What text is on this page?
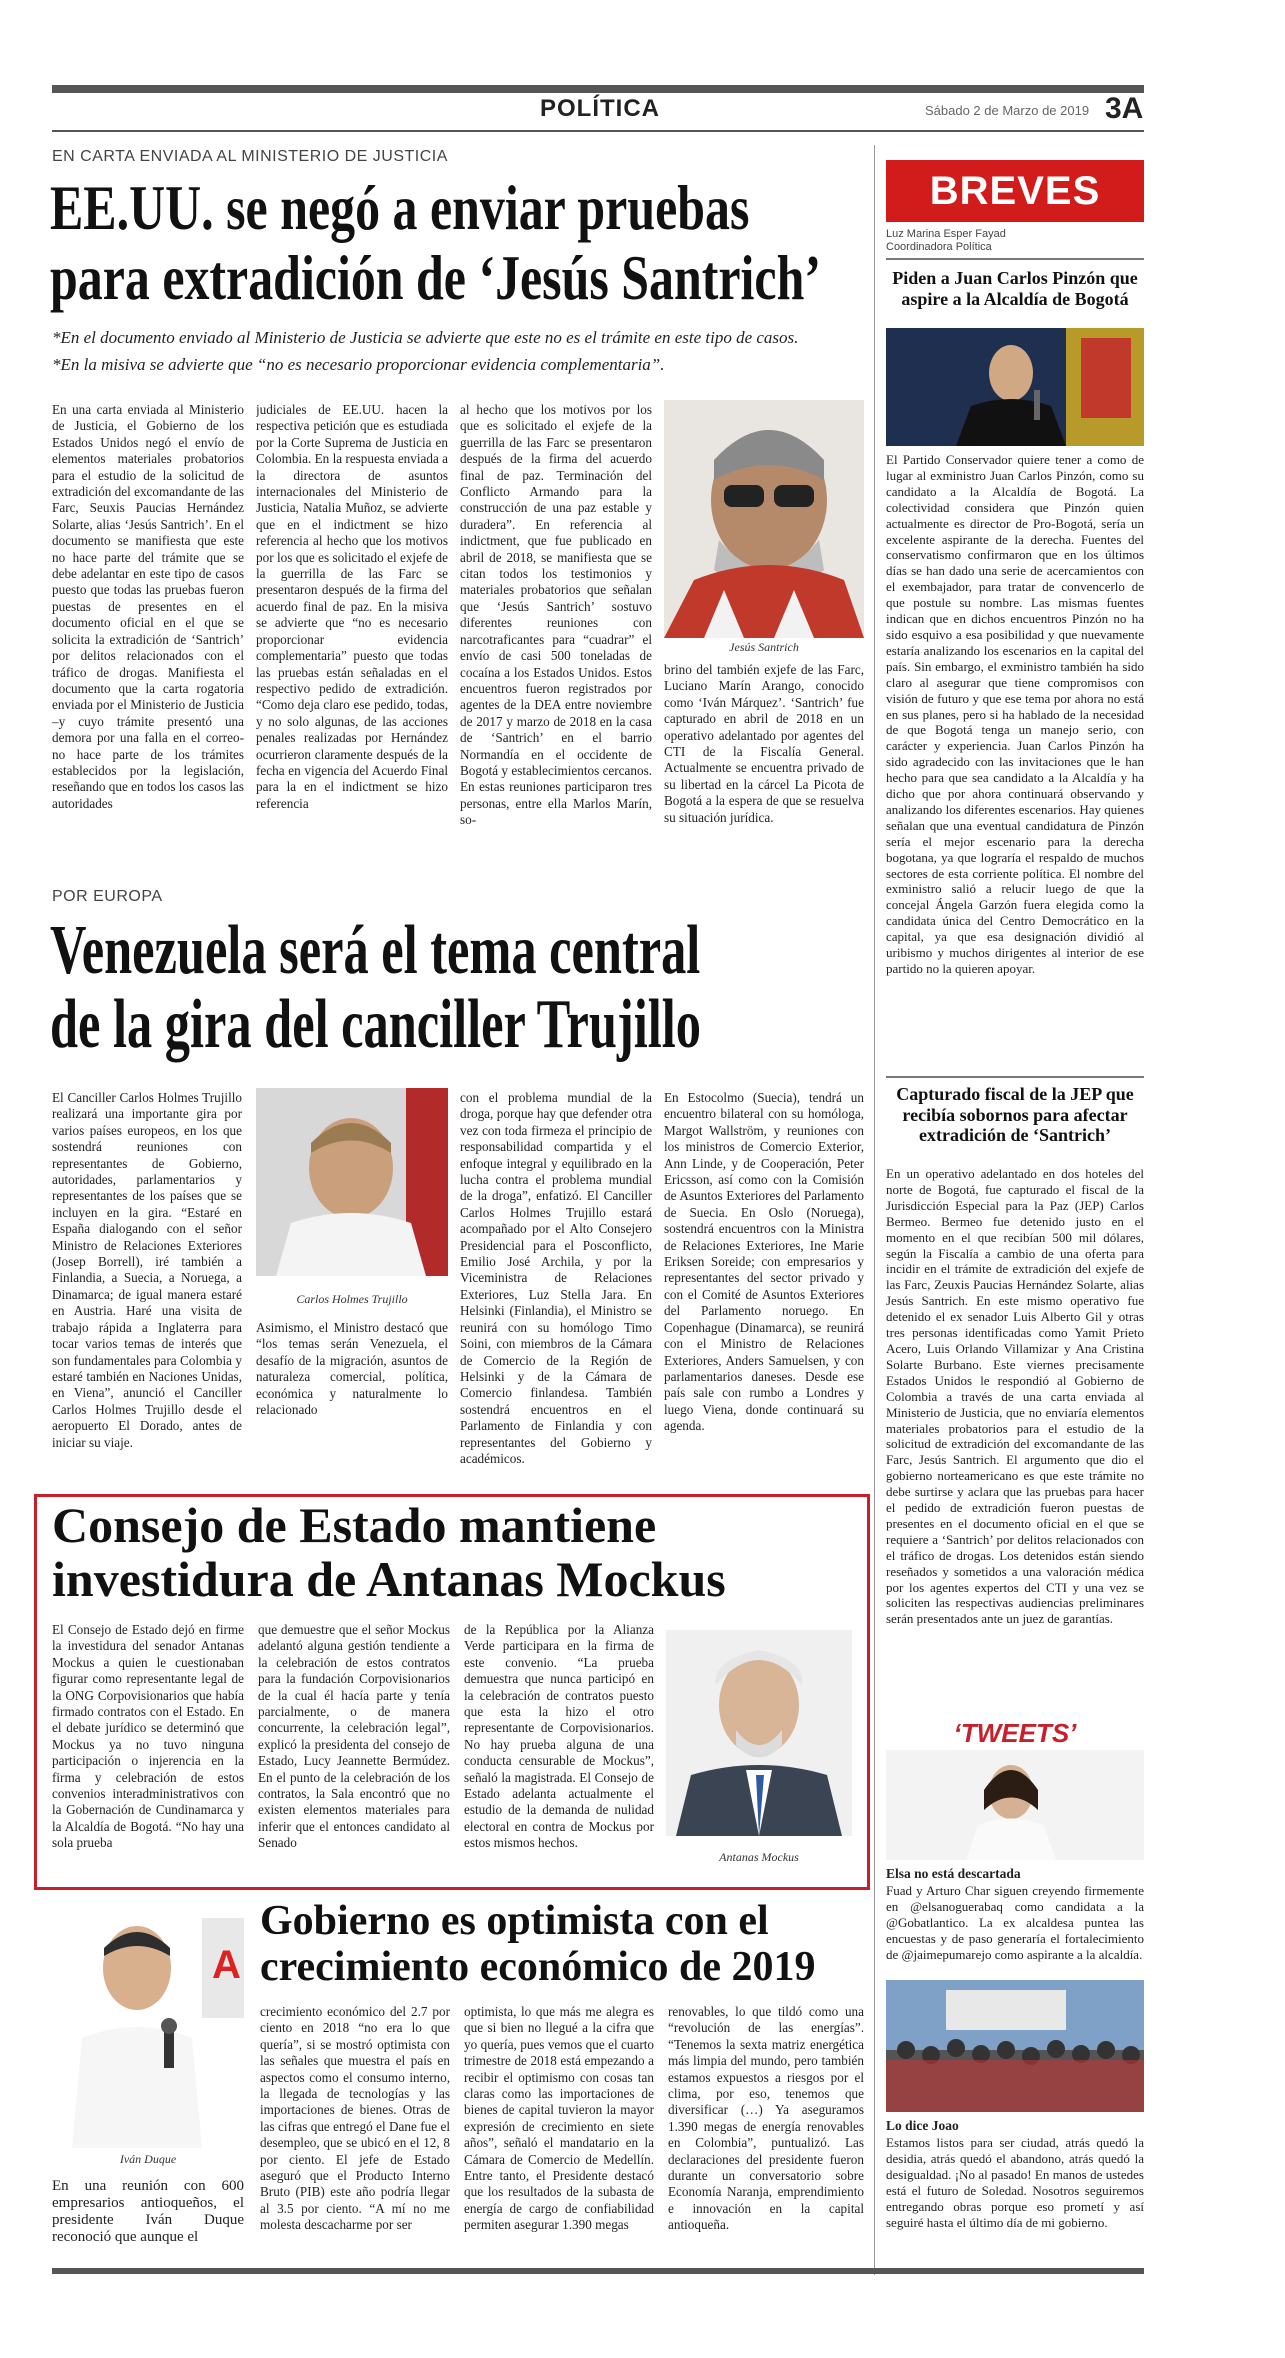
POLÍTICA	Sábado 2 de Marzo de 2019 3A
EN CARTA ENVIADA AL MINISTERIO DE JUSTICIA
EE.UU. se negó a enviar pruebas
para extradición de ‘Jesús Santrich’
*En el documento enviado al Ministerio de Justicia se advierte que este no es el trámite en este tipo de casos.
*En la misiva se advierte que “no es necesario proporcionar evidencia complementaria”.
En una carta enviada al Ministerio de Justicia, el Gobierno de los Estados Unidos negó el envío de elementos materiales probatorios para el estudio de la solicitud de extradición del excomandante de las Farc, Seuxis Paucias Hernández Solarte, alias ‘Jesús Santrich’. En el documento se manifiesta que este no hace parte del trámite que se debe adelantar en este tipo de casos puesto que todas las pruebas fueron puestas de presentes en el documento oficial en el que se solicita la extradición de ‘Santrich’ por delitos relacionados con el tráfico de drogas. Manifiesta el documento que la carta rogatoria enviada por el Ministerio de Justicia –y cuyo trámite presentó una demora por una falla en el correo- no hace parte de los trámites establecidos por la legislación, reseñando que en todos los casos las autoridades
judiciales de EE.UU. hacen la respectiva petición que es estudiada por la Corte Suprema de Justicia en Colombia. En la respuesta enviada a la directora de asuntos internacionales del Ministerio de Justicia, Natalia Muñoz, se advierte que en el indictment se hizo referencia al hecho que los motivos por los que es solicitado el exjefe de la guerrilla de las Farc se presentaron después de la firma del acuerdo final de paz. En la misiva se advierte que “no es necesario proporcionar evidencia complementaria” puesto que todas las pruebas están señaladas en el respectivo pedido de extradición. “Como deja claro ese pedido, todas, y no solo algunas, de las acciones penales realizadas por Hernández ocurrieron claramente después de la fecha en vigencia del Acuerdo Final para la en el indictment se hizo referencia
al hecho que los motivos por los que es solicitado el exjefe de la guerrilla de las Farc se presentaron después de la firma del acuerdo final de paz. Terminación del Conflicto Armando para la construcción de una paz estable y duradera”. En referencia al indictment, que fue publicado en abril de 2018, se manifiesta que se citan todos los testimonios y materiales probatorios que señalan que ‘Jesús Santrich’ sostuvo diferentes reuniones con narcotraficantes para “cuadrar” el envío de casi 500 toneladas de cocaína a los Estados Unidos. Estos encuentros fueron registrados por agentes de la DEA entre noviembre de 2017 y marzo de 2018 en la casa de ‘Santrich’ en el barrio Normandía en el occidente de Bogotá y establecimientos cercanos. En estas reuniones participaron tres personas, entre ella Marlos Marín, so-
Jesús Santrich
brino del también exjefe de las Farc, Luciano Marín Arango, conocido como ‘Iván Márquez’. ‘Santrich’ fue capturado en abril de 2018 en un operativo adelantado por agentes del CTI de la Fiscalía General. Actualmente se encuentra privado de su libertad en la cárcel La Picota de Bogotá a la espera de que se resuelva su situación jurídica.
POR EUROPA
Venezuela será el tema central
de la gira del canciller Trujillo
El Canciller Carlos Holmes Trujillo realizará una importante gira por varios países europeos, en los que sostendrá reuniones con representantes de Gobierno, autoridades, parlamentarios y representantes de los países que se incluyen en la gira. “Estaré en España dialogando con el señor Ministro de Relaciones Exteriores (Josep Borrell), iré también a Finlandia, a Suecia, a Noruega, a Dinamarca; de igual manera estaré en Austria. Haré una visita de trabajo rápida a Inglaterra para tocar varios temas de interés que son fundamentales para Colombia y estaré también en Naciones Unidas, en Viena”, anunció el Canciller Carlos Holmes Trujillo desde el aeropuerto El Dorado, antes de iniciar su viaje.
Carlos Holmes Trujillo
Asimismo, el Ministro destacó que “los temas serán Venezuela, el desafío de la migración, asuntos de naturaleza comercial, política, económica y naturalmente lo relacionado
con el problema mundial de la droga, porque hay que defender otra vez con toda firmeza el principio de responsabilidad compartida y el enfoque integral y equilibrado en la lucha contra el problema mundial de la droga”, enfatizó. El Canciller Carlos Holmes Trujillo estará acompañado por el Alto Consejero Presidencial para el Posconflicto, Emilio José Archila, y por la Viceministra de Relaciones Exteriores, Luz Stella Jara. En Helsinki (Finlandia), el Ministro se reunirá con su homólogo Timo Soini, con miembros de la Cámara de Comercio de la Región de Helsinki y de la Cámara de Comercio finlandesa. También sostendrá encuentros en el Parlamento de Finlandia y con representantes del Gobierno y académicos.
En Estocolmo (Suecia), tendrá un encuentro bilateral con su homóloga, Margot Wallström, y reuniones con los ministros de Comercio Exterior, Ann Linde, y de Cooperación, Peter Ericsson, así como con la Comisión de Asuntos Exteriores del Parlamento de Suecia. En Oslo (Noruega), sostendrá encuentros con la Ministra de Relaciones Exteriores, Ine Marie Eriksen Soreide; con empresarios y representantes del sector privado y con el Comité de Asuntos Exteriores del Parlamento noruego. En Copenhague (Dinamarca), se reunirá con el Ministro de Relaciones Exteriores, Anders Samuelsen, y con parlamentarios daneses. Desde ese país sale con rumbo a Londres y luego Viena, donde continuará su agenda.
Consejo de Estado mantiene
investidura de Antanas Mockus
El Consejo de Estado dejó en firme la investidura del senador Antanas Mockus a quien le cuestionaban figurar como representante legal de la ONG Corpovisionarios que había firmado contratos con el Estado. En el debate jurídico se determinó que Mockus ya no tuvo ninguna participación o injerencia en la firma y celebración de estos convenios interadministrativos con la Gobernación de Cundinamarca y la Alcaldía de Bogotá. “No hay una sola prueba
que demuestre que el señor Mockus adelantó alguna gestión tendiente a la celebración de estos contratos para la fundación Corpovisionarios de la cual él hacía parte y tenía parcialmente, o de manera concurrente, la celebración legal”, explicó la presidenta del consejo de Estado, Lucy Jeannette Bermúdez. En el punto de la celebración de los contratos, la Sala encontró que no existen elementos materiales para inferir que el entonces candidato al Senado
de la República por la Alianza Verde participara en la firma de este convenio. “La prueba demuestra que nunca participó en la celebración de contratos puesto que esta la hizo el otro representante de Corpovisionarios. No hay prueba alguna de una conducta censurable de Mockus”, señaló la magistrada. El Consejo de Estado adelanta actualmente el estudio de la demanda de nulidad electoral en contra de Mockus por estos mismos hechos.
Antanas Mockus
A
Iván Duque
Gobierno es optimista con el
crecimiento económico de 2019
En una reunión con 600 empresarios antioqueños, el presidente Iván Duque reconoció que aunque el
crecimiento económico del 2.7 por ciento en 2018 “no era lo que quería”, si se mostró optimista con las señales que muestra el país en aspectos como el consumo interno, la llegada de tecnologías y las importaciones de bienes. Otras de las cifras que entregó el Dane fue el desempleo, que se ubicó en el 12, 8 por ciento. El jefe de Estado aseguró que el Producto Interno Bruto (PIB) este año podría llegar al 3.5 por ciento. “A mí no me molesta descacharme por ser
optimista, lo que más me alegra es que si bien no llegué a la cifra que yo quería, pues vemos que el cuarto trimestre de 2018 está empezando a recibir el optimismo con cosas tan claras como las importaciones de bienes de capital tuvieron la mayor expresión de crecimiento en siete años”, señaló el mandatario en la Cámara de Comercio de Medellín. Entre tanto, el Presidente destacó que los resultados de la subasta de energía de cargo de confiabilidad permiten asegurar 1.390 megas
renovables, lo que tildó como una “revolución de las energías”. “Tenemos la sexta matriz energética más limpia del mundo, pero también estamos expuestos a riesgos por el clima, por eso, tenemos que diversificar (…) Ya aseguramos 1.390 megas de energía renovables en Colombia”, puntualizó. Las declaraciones del presidente fueron durante un conversatorio sobre Economía Naranja, emprendimiento e innovación en la capital antioqueña.
BREVES
Luz Marina Esper Fayad
Coordinadora Política
Piden a Juan Carlos Pinzón que aspire a la Alcaldía de Bogotá
El Partido Conservador quiere tener a como de lugar al exministro Juan Carlos Pinzón, como su candidato a la Alcaldía de Bogotá. La colectividad considera que Pinzón quien actualmente es director de Pro-Bogotá, sería un excelente aspirante de la derecha. Fuentes del conservatismo confirmaron que en los últimos días se han dado una serie de acercamientos con el exembajador, para tratar de convencerlo de que postule su nombre. Las mismas fuentes indican que en dichos encuentros Pinzón no ha sido esquivo a esa posibilidad y que nuevamente estaría analizando los escenarios en la capital del país. Sin embargo, el exministro también ha sido claro al asegurar que tiene compromisos con visión de futuro y que ese tema por ahora no está en sus planes, pero si ha hablado de la necesidad de que Bogotá tenga un manejo serio, con carácter y experiencia. Juan Carlos Pinzón ha sido agradecido con las invitaciones que le han hecho para que sea candidato a la Alcaldía y ha dicho que por ahora continuará observando y analizando los diferentes escenarios. Hay quienes señalan que una eventual candidatura de Pinzón sería el mejor escenario para la derecha bogotana, ya que lograría el respaldo de muchos sectores de esta corriente política. El nombre del exministro salió a relucir luego de que la concejal Ángela Garzón fuera elegida como la candidata única del Centro Democrático en la capital, ya que esa designación dividió al uribismo y muchos dirigentes al interior de ese partido no la quieren apoyar.
Capturado fiscal de la JEP que recibía sobornos para afectar extradición de ‘Santrich’
En un operativo adelantado en dos hoteles del norte de Bogotá, fue capturado el fiscal de la Jurisdicción Especial para la Paz (JEP) Carlos Bermeo. Bermeo fue detenido justo en el momento en el que recibían 500 mil dólares, según la Fiscalía a cambio de una oferta para incidir en el trámite de extradición del exjefe de las Farc, Zeuxis Paucias Hernández Solarte, alias Jesús Santrich. En este mismo operativo fue detenido el ex senador Luis Alberto Gil y otras tres personas identificadas como Yamit Prieto Acero, Luis Orlando Villamizar y Ana Cristina Solarte Burbano. Este viernes precisamente Estados Unidos le respondió al Gobierno de Colombia a través de una carta enviada al Ministerio de Justicia, que no enviaría elementos materiales probatorios para el estudio de la solicitud de extradición del excomandante de las Farc, Jesús Santrich. El argumento que dio el gobierno norteamericano es que este trámite no debe surtirse y aclara que las pruebas para hacer el pedido de extradición fueron puestas de presentes en el documento oficial en el que se requiere a ‘Santrich’ por delitos relacionados con el tráfico de drogas. Los detenidos están siendo reseñados y sometidos a una valoración médica por los agentes expertos del CTI y una vez se soliciten las respectivas audiencias preliminares serán presentados ante un juez de garantías.
‘TWEETS’
Elsa no está descartada
Fuad y Arturo Char siguen creyendo firmemente en @elsanoguerabaq como candidata a la @Gobatlantico. La ex alcaldesa puntea las encuestas y de paso generaría el fortalecimiento de @jaimepumarejo como aspirante a la alcaldía.
Lo dice Joao
Estamos listos para ser ciudad, atrás quedó la desidia, atrás quedó el abandono, atrás quedó la desigualdad. ¡No al pasado! En manos de ustedes está el futuro de Soledad. Nosotros seguiremos entregando obras porque eso prometí y así seguiré hasta el último día de mi gobierno.
